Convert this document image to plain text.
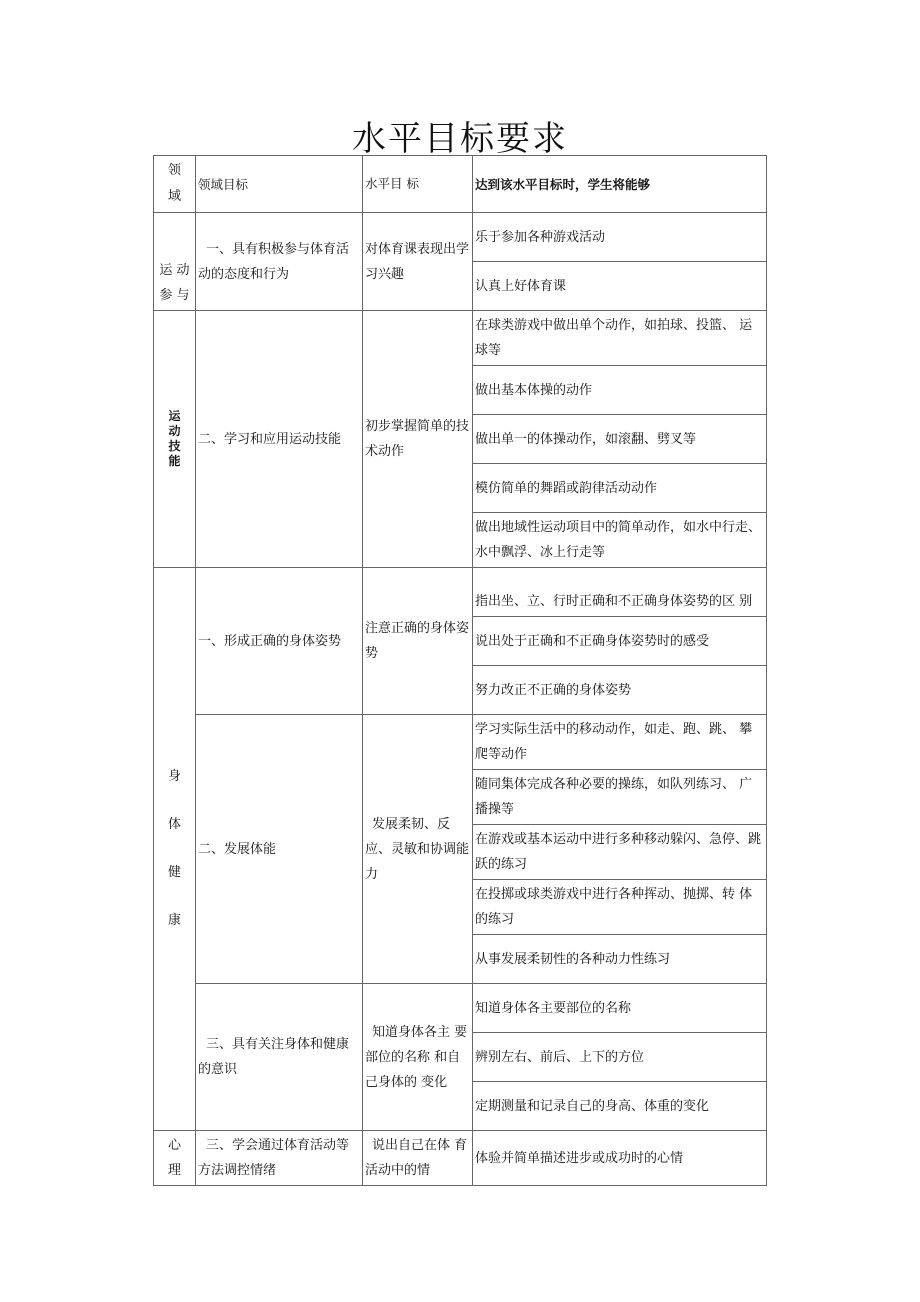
水平目标要求
领 域	领域目标	水平目 标	达到该水平目标时，学生将能够

运 动 参 与	一、具有积极参与体育活动的态度和行为	对体育课表现出学习兴趣	乐于参加各种游戏活动
			认真上好体育课

运动技能	二、学习和应用运动技能	初步掌握简单的技术动作	在球类游戏中做出单个动作，如拍球、投篮、 运球等
			做出基本体操的动作
			做出单一的体操动作，如滚翻、劈叉等
			模仿简单的舞蹈或韵律活动动作
			做出地域性运动项目中的简单动作，如水中行走、水中飘浮、冰上行走等

身 体 健 康	一、形成正确的身体姿势	注意正确的身体姿势	指出坐、立、行时正确和不正确身体姿势的区 别
			说出处于正确和不正确身体姿势时的感受
			努力改正不正确的身体姿势
	二、发展体能	发展柔韧、反应、灵敏和协调能力	学习实际生活中的移动动作，如走、跑、跳、 攀爬等动作
			随同集体完成各种必要的操练，如队列练习、 广播操等
			在游戏或基本运动中进行多种移动躲闪、急停、跳跃的练习
			在投掷或球类游戏中进行各种挥动、抛掷、转 体的练习
			从事发展柔韧性的各种动力性练习
	三、具有关注身体和健康的意识	知道身体各主 要部位的名称 和自己身体的 变化	知道身体各主要部位的名称
			辨别左右、前后、上下的方位
			定期测量和记录自己的身高、体重的变化

心 理	三、学会通过体育活动等方法调控情绪	说出自己在体 育活动中的情	体验并简单描述进步或成功时的心情
